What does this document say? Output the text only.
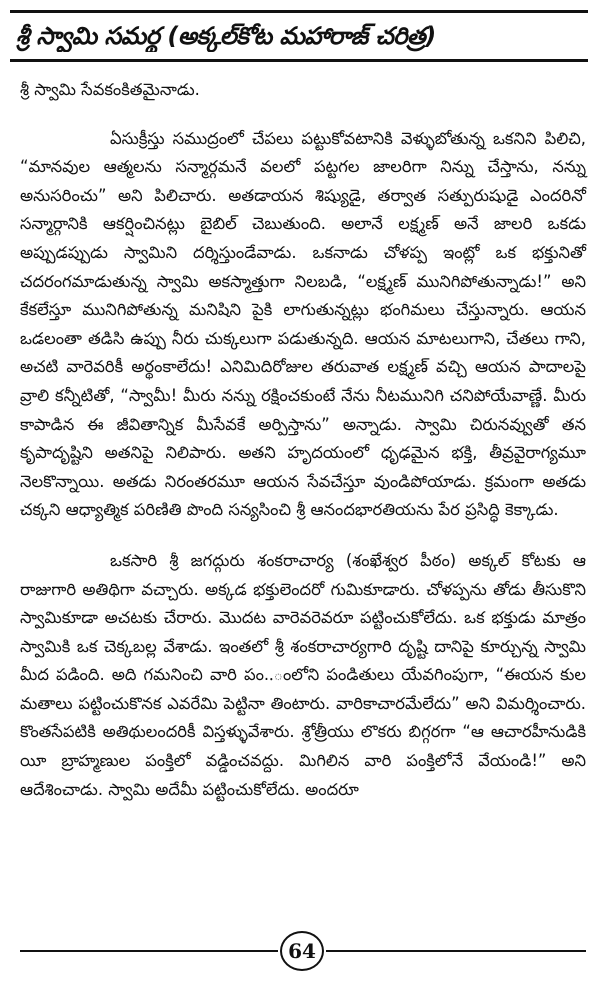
శ్రీ స్వామి సమర్థ (అక్కల్‌కోట మహారాజ్ చరిత్ర)

శ్రీ స్వామి సేవకంకితమైనాడు.

ఏసుక్రీస్తు సముద్రంలో చేపలు పట్టుకోవటానికి వెళ్ళుబోతున్న ఒకనిని పిలిచి, “మానవుల ఆత్మలను సన్మార్గమనే వలలో పట్టగల జాలరిగా నిన్ను చేస్తాను, నన్ను అనుసరించు” అని పిలిచారు. అతడాయన శిష్యుడై, తర్వాత సత్పురుషుడై ఎందరినో సన్మార్గానికి ఆకర్షించినట్లు బైబిల్ చెబుతుంది. అలానే లక్ష్మణ్ అనే జాలరి ఒకడు అప్పుడప్పుడు స్వామిని దర్శిస్తుండేవాడు. ఒకనాడు చోళప్ప ఇంట్లో ఒక భక్తునితో చదరంగమాడుతున్న స్వామి అకస్మాత్తుగా నిలబడి, “లక్ష్మణ్ మునిగిపోతున్నాడు!” అని కేకలేస్తూ మునిగిపోతున్న మనిషిని పైకి లాగుతున్నట్లు భంగిమలు చేస్తున్నారు. ఆయన ఒడలంతా తడిసి ఉప్పు నీరు చుక్కలుగా పడుతున్నది. ఆయన మాటలుగాని, చేతలు గాని, అచటి వారెవరికీ అర్థంకాలేదు! ఎనిమిదిరోజుల తరువాత లక్ష్మణ్ వచ్చి ఆయన పాదాలపై వ్రాలి కన్నీటితో, “స్వామీ! మీరు నన్ను రక్షించకుంటే నేను నీటమునిగి చనిపోయేవాణ్ణే. మీరు కాపాడిన ఈ జీవితాన్నిక మీసేవకే అర్పిస్తాను” అన్నాడు. స్వామి చిరునవ్వుతో తన కృపాదృష్టిని అతనిపై నిలిపారు. అతని హృదయంలో ధృఢమైన భక్తి, తీవ్రవైరాగ్యమూ నెలకొన్నాయి. అతడు నిరంతరమూ ఆయన సేవచేస్తూ వుండిపోయాడు. క్రమంగా అతడు చక్కని ఆధ్యాత్మిక పరిణితి పొంది సన్యసించి శ్రీ ఆనందభారతియను పేర ప్రసిద్ధి కెక్కాడు.

ఒకసారి శ్రీ జగద్గురు శంకరాచార్య (శంఖేశ్వర పీఠం) అక్కల్ కోటకు ఆ రాజుగారి అతిథిగా వచ్చారు. అక్కడ భక్తులెందరో గుమికూడారు. చోళప్పను తోడు తీసుకొని స్వామికూడా అచటకు చేరారు. మొదట వారెవరెవరూ పట్టించుకోలేదు. ఒక భక్తుడు మాత్రం స్వామికి ఒక చెక్కబల్ల వేశాడు. ఇంతలో శ్రీ శంకరాచార్యగారి దృష్టి దానిపై కూర్చున్న స్వామి మీద పడింది. అది గమనించి వారి పం..ంలోని పండితులు యేవగింపుగా, “ఈయన కుల మతాలు పట్టించుకొనక ఎవరేమి పెట్టినా తింటారు. వారికాచారమేలేదు” అని విమర్శించారు. కొంతసేపటికి అతిథులందరికీ విస్తళ్ళువేశారు. శ్రోత్రీయు లొకరు బిగ్గరగా “ఆ ఆచారహీనుడికి యీ బ్రాహ్మణుల పంక్తిలో వడ్డించవద్దు. మిగిలిన వారి పంక్తిలోనే వేయండి!” అని ఆదేశించాడు. స్వామి అదేమీ పట్టించుకోలేదు. అందరూ

64
